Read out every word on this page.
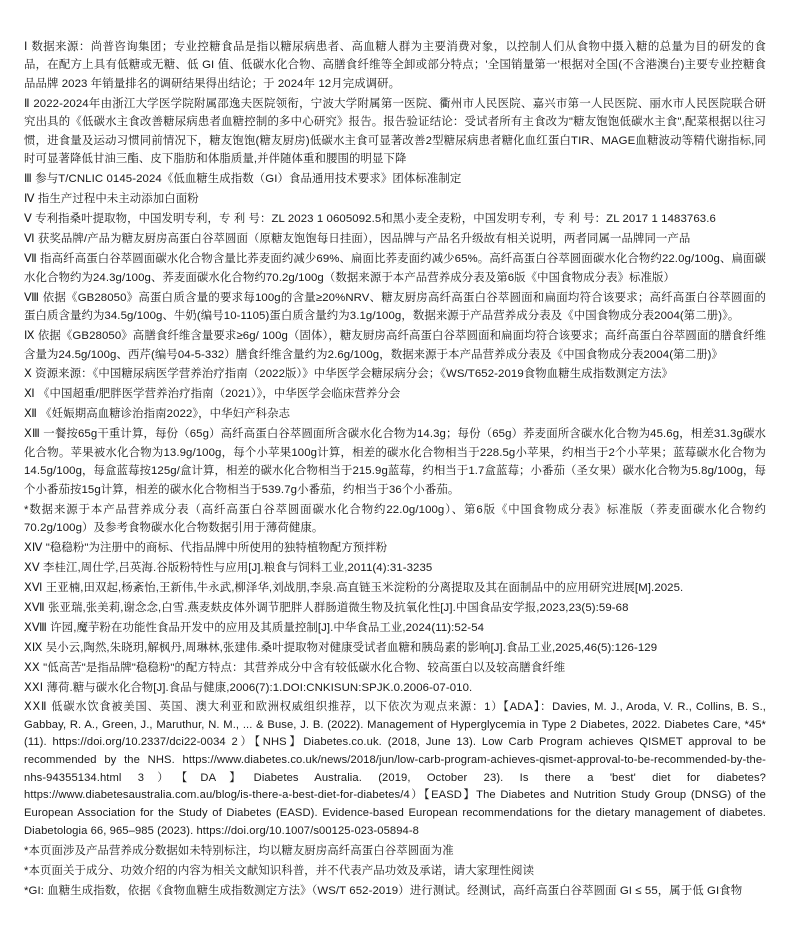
Ⅰ 数据来源：尚普咨询集团；专业控糖食品是指以糖尿病患者、高血糖人群为主要消费对象，以控制人们从食物中摄入糖的总量为目的研发的食品，在配方上具有低糖或无糖、低 GI 值、低碳水化合物、高膳食纤维等全卸或部分特点；'全国销量第一'根据对全国(不含港澳台)主要专业控糖食品品牌 2023 年销量排名的调研结果得出结论；于 2024年 12月完成调研。

Ⅱ 2022-2024年由浙江大学医学院附属邵逸夫医院领衔，宁波大学附属第一医院、衢州市人民医院、嘉兴市第一人民医院、丽水市人民医院联合研究出具的《低碳水主食改善糖尿病患者血糖控制的多中心研究》报告。报告验证结论：受试者所有主食改为"糖友饱饱低碳水主食",配菜根据以往习惯，进食量及运动习惯同前情况下，糖友饱饱(糖友厨房)低碳水主食可显著改善2型糖尿病患者糖化血红蛋白TIR、MAGE血糖波动等精代谢指标,同时可显著降低甘油三酯、皮下脂肪和体脂质量,并伴随体重和腰围的明显下降

Ⅲ 参与T/CNLIC 0145-2024《低血糖生成指数（GI）食品通用技术要求》团体标准制定

Ⅳ 指生产过程中未主动添加白面粉

Ⅴ 专利指桑叶提取物，中国发明专利，专 利 号：ZL 2023 1 0605092.5和黑小麦全麦粉，中国发明专利，专 利 号：ZL 2017 1 1483763.6

Ⅵ 获奖品牌/产品为糖友厨房高蛋白谷萃圆面（原糖友饱饱每日挂面），因品牌与产品名升级故有相关说明，两者同属一品牌同一产品

Ⅶ 指高纤高蛋白谷萃圆面碳水化合物含量比荞麦面约减少69%、扁面比荞麦面约减少65%。高纤高蛋白谷萃圆面碳水化合物约22.0g/100g、扁面碳水化合物约为24.3g/100g、荞麦面碳水化合物约70.2g/100g（数据来源于本产品营养成分表及第6版《中国食物成分表》标准版）

Ⅷ 依据《GB28050》高蛋白质含量的要求每100g的含量≥20%NRV、糖友厨房高纤高蛋白谷萃圆面和扁面均符合该要求；高纤高蛋白谷萃圆面的蛋白质含量约为34.5g/100g、牛奶(编号10-1105)蛋白质含量约为3.1g/100g，数据来源于产品营养成分表及《中国食物成分表2004(第二册)》。

Ⅸ 依据《GB28050》高膳食纤维含量要求≥6g/ 100g（固体），糖友厨房高纤高蛋白谷萃圆面和扁面均符合该要求；高纤高蛋白谷萃圆面的膳食纤维含量为24.5g/100g、西芹(编号04-5-332）膳食纤维含量约为2.6g/100g，数据来源于本产品营养成分表及《中国食物成分表2004(第二册)》

Ⅹ 资源来源：《中国糖尿病医学营养治疗指南（2022版）》中华医学会糖尿病分会；《WS/T652-2019食物血糖生成指数测定方法》

Ⅺ 《中国超重/肥胖医学营养治疗指南（2021）》，中华医学会临床营养分会

Ⅻ 《妊娠期高血糖诊治指南2022》，中华妇产科杂志

ⅩⅢ 一餐按65g干重计算，每份（65g）高纤高蛋白谷萃圆面所含碳水化合物为14.3g；每份（65g）荞麦面所含碳水化合物为45.6g，相差31.3g碳水化合物。苹果被水化合物为13.9g/100g，每个小苹果100g计算，相差的碳水化合物相当于228.5g小苹果，约相当于2个小苹果；蓝莓碳水化合物为14.5g/100g，每盒蓝莓按125g/盒计算，相差的碳水化合物相当于215.9g蓝莓，约相当于1.7盒蓝莓；小番茄（圣女果）碳水化合物为5.8g/100g，每个小番茄按15g计算，相差的碳水化合物相当于539.7g小番茄，约相当于36个小番茄。

*数据来源于本产品营养成分表（高纤高蛋白谷萃圆面碳水化合物约22.0g/100g）、第6版《中国食物成分表》标准版（荞麦面碳水化合物约70.2g/100g）及参考食物碳水化合物数据引用于薄荷健康。

ⅩⅣ "稳稳粉"为注册中的商标、代指品牌中所使用的独特植物配方预拌粉

ⅩⅤ 李桂江,周仕学,吕英海.谷版粉特性与应用[J].粮食与饲料工业,2011(4):31-3235

ⅩⅥ 王亚楠,田双起,杨紊怡,王新伟,牛永武,柳泽华,刘战朋,李泉.高直链玉米淀粉的分离提取及其在面制品中的应用研究进展[M].2025.

ⅩⅦ 张亚瑞,张美莉,谢念念,白雪.燕麦麸皮体外调节肥胖人群肠道微生物及抗氧化性[J].中国食品安学报,2023,23(5):59-68

ⅩⅧ 许园,魔芋粉在功能性食品开发中的应用及其质量控制[J].中华食品工业,2024(11):52-54

ⅩⅨ 吴小云,陶然,朱晓玥,解枫丹,周琳林,张建伟.桑叶提取物对健康受试者血糖和胰岛素的影响[J].食品工业,2025,46(5):126-129

ⅩⅩ "低高苦"是指品牌"稳稳粉"的配方特点：其营养成分中含有较低碳水化合物、较高蛋白以及较高膳食纤维

ⅩⅩⅠ 薄荷.糖与碳水化合物[J].食品与健康,2006(7):1.DOI:CNKISUN:SPJK.0.2006-07-010.

ⅩⅩⅡ 低碳水饮食被美国、英国、澳大利亚和欧洲权威组织推荐，以下依次为观点来源：1）【ADA】：Davies, M. J., Aroda, V. R., Collins, B. S., Gabbay, R. A., Green, J., Maruthur, N. M., ... & Buse, J. B. (2022). Management of Hyperglycemia in Type 2 Diabetes, 2022. Diabetes Care, *45*(11). https://doi.org/10.2337/dci22-0034 2）【NHS】Diabetes.co.uk. (2018, June 13). Low Carb Program achieves QISMET approval to be recommended by the NHS. https://www.diabetes.co.uk/news/2018/jun/low-carb-program-achieves-qismet-approval-to-be-recommended-by-the-nhs-94355134.html 3）【DA】Diabetes Australia. (2019, October 23). Is there a 'best' diet for diabetes? https://www.diabetesaustralia.com.au/blog/is-there-a-best-diet-for-diabetes/4）【EASD】The Diabetes and Nutrition Study Group (DNSG) of the European Association for the Study of Diabetes (EASD). Evidence-based European recommendations for the dietary management of diabetes. Diabetologia 66, 965–985 (2023). https://doi.org/10.1007/s00125-023-05894-8

*本页面涉及产品营养成分数据如未特别标注，均以糖友厨房高纤高蛋白谷萃圆面为准

*本页面关于成分、功效介绍的内容为相关文献知识科普，并不代表产品功效及承诺，请大家理性阅读

*GI: 血糖生成指数，依据《食物血糖生成指数测定方法》（WS/T 652-2019）进行测试。经测试，高纤高蛋白谷萃圆面 GI ≤ 55，属于低 GI食物
